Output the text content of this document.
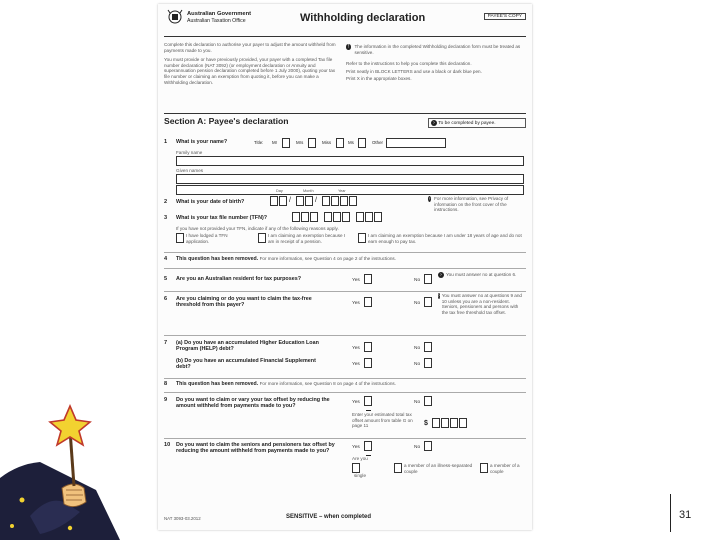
Australian Government
Australian Taxation Office	Withholding declaration	PAYEE'S COPY
Complete this declaration to authorise your payer to adjust the amount withheld from payments made to you.
You must provide or have previously provided, your payer with a completed Tax file number declaration (NAT 3092) (or employment declaration or Annuity and superannuation pension declaration completed before 1 July 2000), quoting your tax file number or claiming an exemption from quoting it, before you can make a Withholding declaration.
!	The information in the completed Withholding declaration form must be treated as sensitive.
Refer to the instructions to help you complete this declaration.
Print neatly in BLOCK LETTERS and use a black or dark blue pen.
Print X in the appropriate boxes.
Section A: Payee's declaration	› To be completed by payee.
1 What is your name?	Title: Mr	Mrs	Miss	Ms	Other
Family name
Given names
Day	Month	Year
2 What is your date of birth?	/	/
3 What is your tax file number (TFN)?
› For more information, see Privacy of information on the front cover of the instructions.
If you have not provided your TFN, indicate if any of the following reasons apply.
I have lodged a TFN application.
I am claiming an exemption because I am in receipt of a pension.
I am claiming an exemption because I am under 18 years of age and do not earn enough to pay tax.
4 This question has been removed. For more information, see Question 4 on page 2 of the instructions.
5 Are you an Australian resident for tax purposes?	Yes	No
› You must answer no at question 6.
6 Are you claiming or do you want to claim the tax-free threshold from this payer?	Yes	No
› You must answer no at questions 9 and 10 unless you are a non-resident. Seniors, pensioners and persons with the tax free threshold tax offset.
7 (a) Do you have an accumulated Higher Education Loan Program (HELP) debt?	Yes	No
(b) Do you have an accumulated Financial Supplement debt?	Yes	No
8 This question has been removed. For more information, see Question 8 on page 4 of the instructions.
9 Do you want to claim or vary your tax offset by reducing the amount withheld from payments made to you?
Yes	No
Enter your estimated total tax offset amount from table G on page 11	$
10 Do you want to claim the seniors and pensioners tax offset by reducing the amount withheld from payments made to you?
Yes	No
Are you
single
a member of an illness-separated couple
a member of a couple
NAT 3093-03.2012	SENSITIVE – when completed	31
